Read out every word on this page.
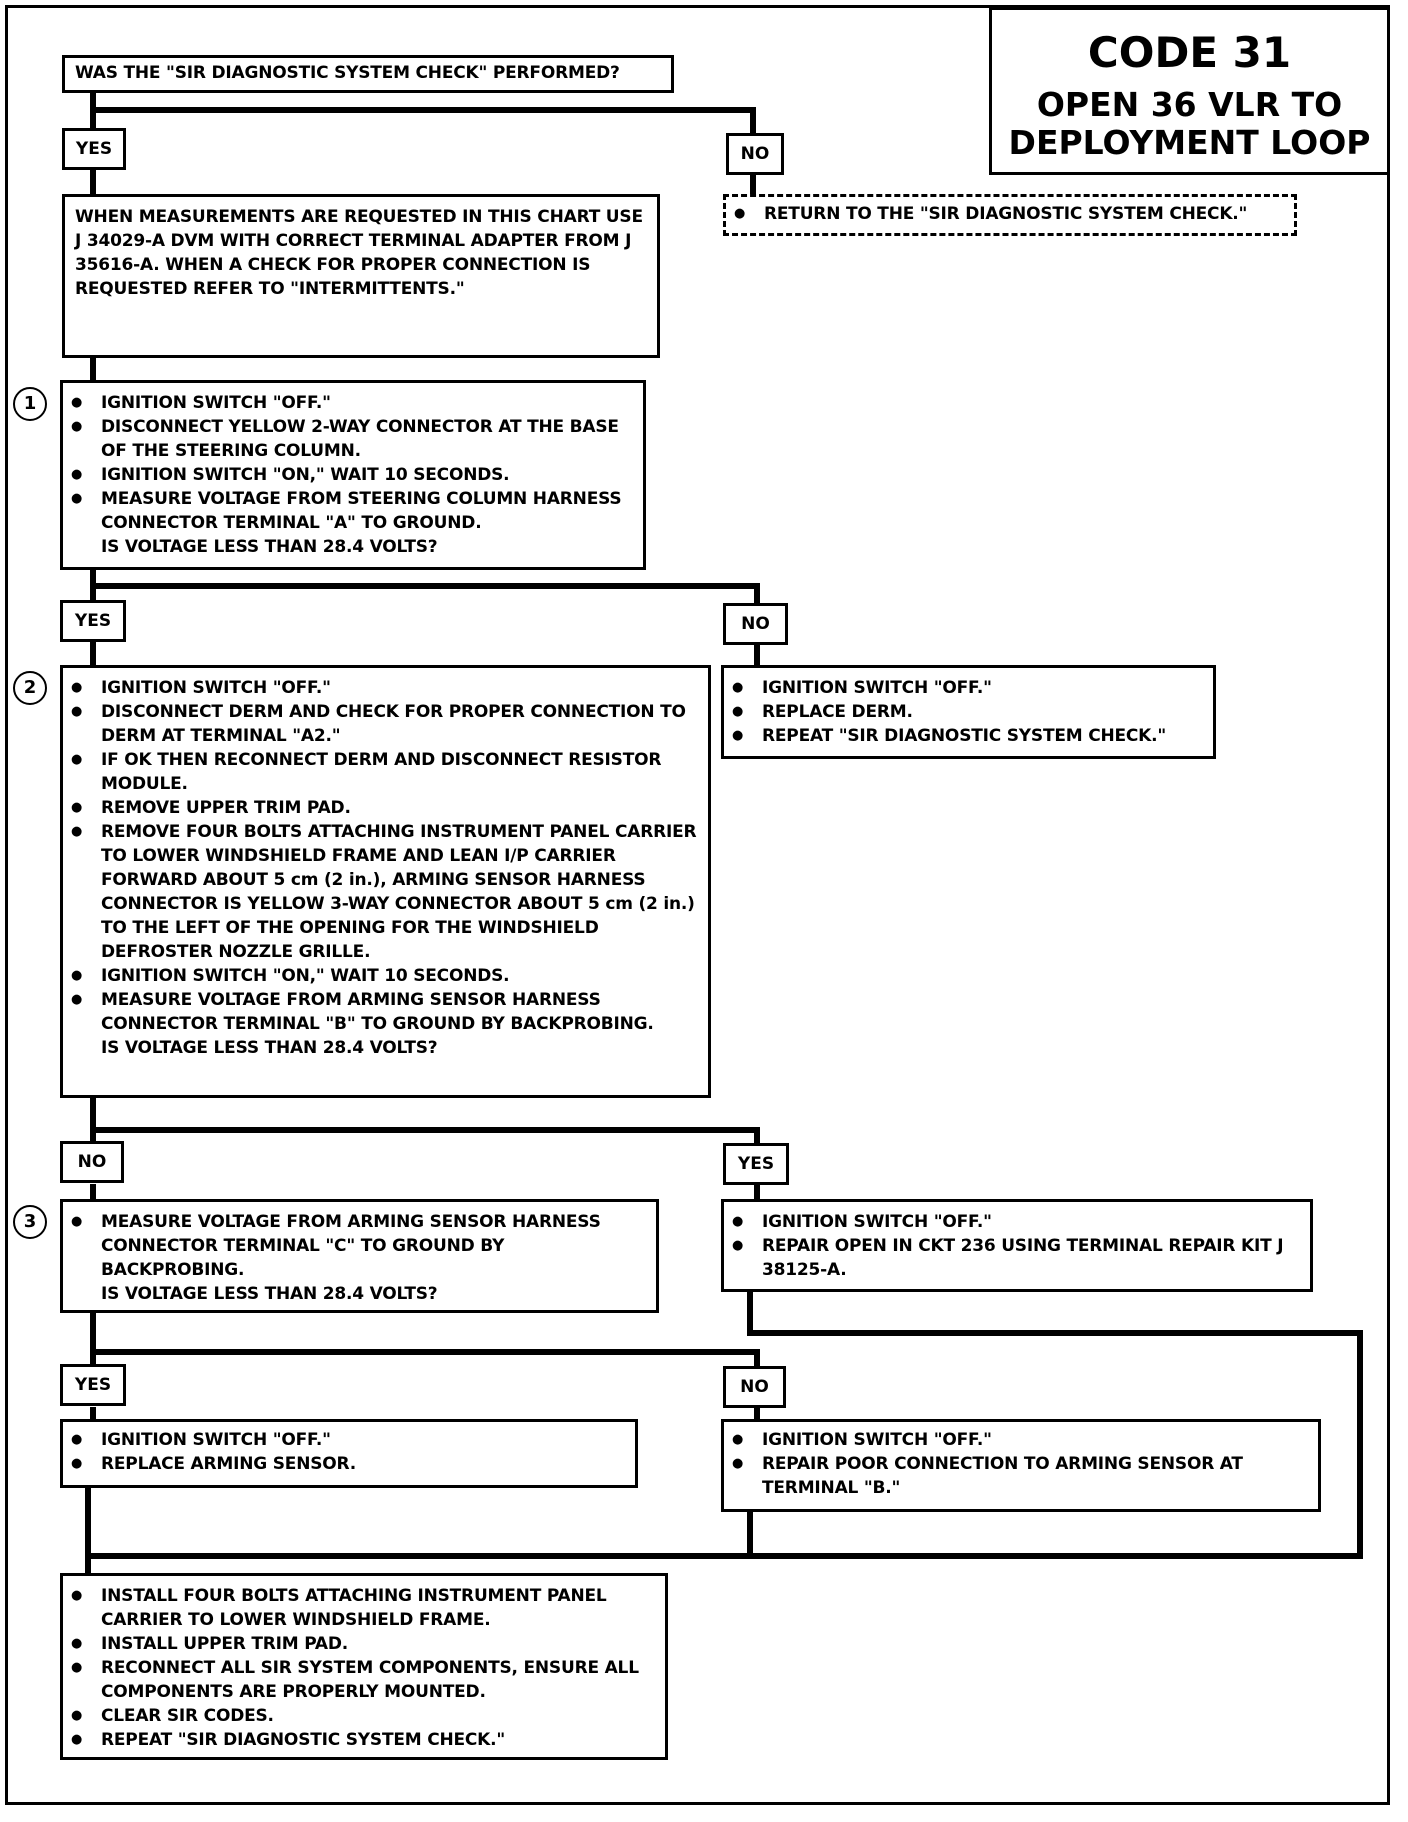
CODE 31
OPEN 36 VLR TO
DEPLOYMENT LOOP
WAS THE "SIR DIAGNOSTIC SYSTEM CHECK" PERFORMED?
YES	NO
● RETURN TO THE "SIR DIAGNOSTIC SYSTEM CHECK."
WHEN MEASUREMENTS ARE REQUESTED IN THIS CHART USE J 34029-A DVM WITH CORRECT TERMINAL ADAPTER FROM J 35616-A. WHEN A CHECK FOR PROPER CONNECTION IS REQUESTED REFER TO "INTERMITTENTS."
1	● IGNITION SWITCH "OFF."
● DISCONNECT YELLOW 2-WAY CONNECTOR AT THE BASE OF THE STEERING COLUMN.
● IGNITION SWITCH "ON," WAIT 10 SECONDS.
● MEASURE VOLTAGE FROM STEERING COLUMN HARNESS CONNECTOR TERMINAL "A" TO GROUND.
IS VOLTAGE LESS THAN 28.4 VOLTS?
YES	NO
● IGNITION SWITCH "OFF."
● REPLACE DERM.
● REPEAT "SIR DIAGNOSTIC SYSTEM CHECK."
2	● IGNITION SWITCH "OFF."
● DISCONNECT DERM AND CHECK FOR PROPER CONNECTION TO DERM AT TERMINAL "A2."
● IF OK THEN RECONNECT DERM AND DISCONNECT RESISTOR MODULE.
● REMOVE UPPER TRIM PAD.
● REMOVE FOUR BOLTS ATTACHING INSTRUMENT PANEL CARRIER TO LOWER WINDSHIELD FRAME AND LEAN I/P CARRIER FORWARD ABOUT 5 cm (2 in.), ARMING SENSOR HARNESS CONNECTOR IS YELLOW 3-WAY CONNECTOR ABOUT 5 cm (2 in.) TO THE LEFT OF THE OPENING FOR THE WINDSHIELD DEFROSTER NOZZLE GRILLE.
● IGNITION SWITCH "ON," WAIT 10 SECONDS.
● MEASURE VOLTAGE FROM ARMING SENSOR HARNESS CONNECTOR TERMINAL "B" TO GROUND BY BACKPROBING.
IS VOLTAGE LESS THAN 28.4 VOLTS?
NO	YES
● IGNITION SWITCH "OFF."
● REPAIR OPEN IN CKT 236 USING TERMINAL REPAIR KIT J 38125-A.
3	● MEASURE VOLTAGE FROM ARMING SENSOR HARNESS CONNECTOR TERMINAL "C" TO GROUND BY BACKPROBING.
IS VOLTAGE LESS THAN 28.4 VOLTS?
YES	NO
● IGNITION SWITCH "OFF."
● REPLACE ARMING SENSOR.
● IGNITION SWITCH "OFF."
● REPAIR POOR CONNECTION TO ARMING SENSOR AT TERMINAL "B."
● INSTALL FOUR BOLTS ATTACHING INSTRUMENT PANEL CARRIER TO LOWER WINDSHIELD FRAME.
● INSTALL UPPER TRIM PAD.
● RECONNECT ALL SIR SYSTEM COMPONENTS, ENSURE ALL COMPONENTS ARE PROPERLY MOUNTED.
● CLEAR SIR CODES.
● REPEAT "SIR DIAGNOSTIC SYSTEM CHECK."
